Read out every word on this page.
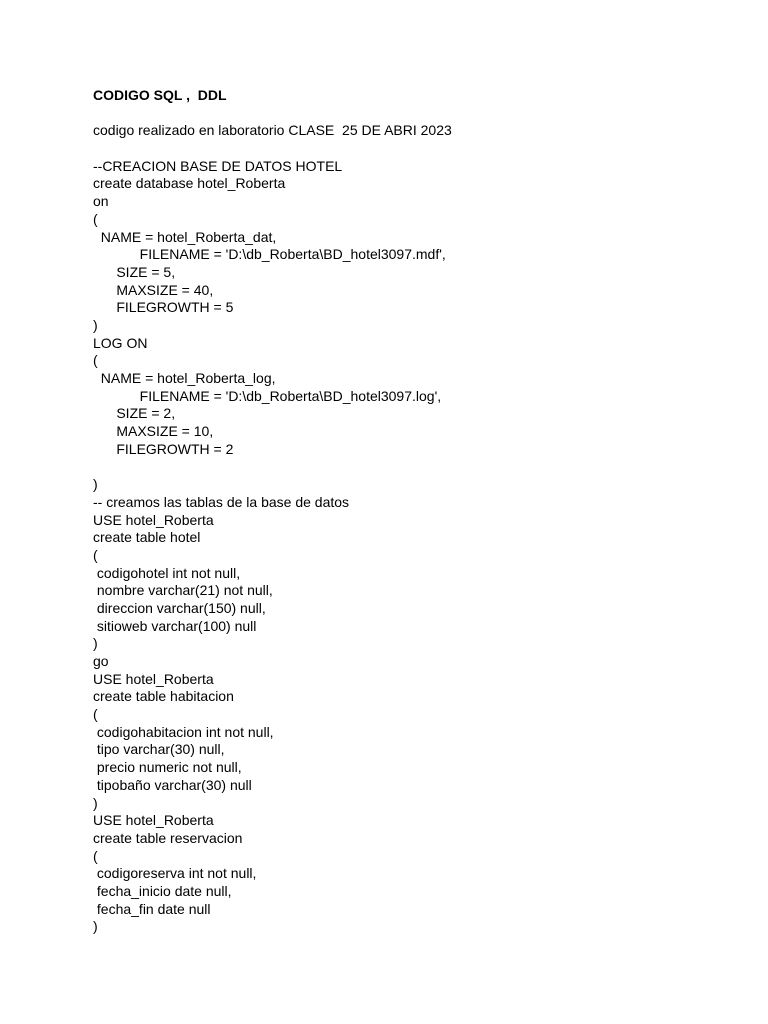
CODIGO SQL ,  DDL
codigo realizado en laboratorio CLASE  25 DE ABRI 2023
--CREACION BASE DE DATOS HOTEL
create database hotel_Roberta
on
(
NAME = hotel_Roberta_dat,
FILENAME = 'D:\db_Roberta\BD_hotel3097.mdf',
SIZE = 5,
MAXSIZE = 40,
FILEGROWTH = 5
)
LOG ON
(
NAME = hotel_Roberta_log,
FILENAME = 'D:\db_Roberta\BD_hotel3097.log',
SIZE = 2,
MAXSIZE = 10,
FILEGROWTH = 2
)
-- creamos las tablas de la base de datos
USE hotel_Roberta
create table hotel
(
codigohotel int not null,
nombre varchar(21) not null,
direccion varchar(150) null,
sitioweb varchar(100) null
)
go
USE hotel_Roberta
create table habitacion
(
codigohabitacion int not null,
tipo varchar(30) null,
precio numeric not null,
tipobaño varchar(30) null
)
USE hotel_Roberta
create table reservacion
(
codigoreserva int not null,
fecha_inicio date null,
fecha_fin date null
)
